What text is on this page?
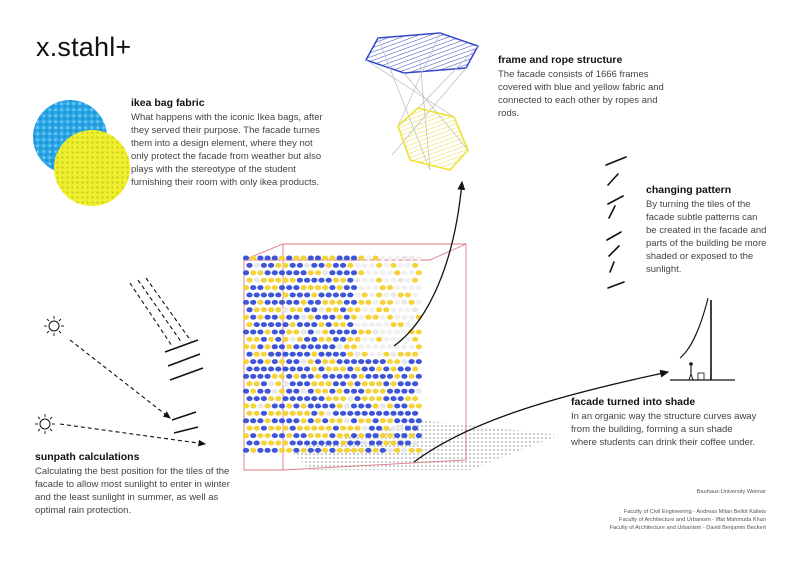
x.stahl+
ikea bag fabric

What happens with the iconic Ikea bags, after they served their purpose. The facade turnes them into a design element, where they not only protect the facade from weather but also plays with the stereotype of the student furnishing their room with only ikea products.

frame and rope structure

The facade consists of 1666 frames covered with blue and yellow fabric and connected to each other by ropes and rods.

changing pattern

By turning the tiles of the facade subtle patterns can be created in the facade and parts of the building be more shaded or exposed to the sunlight.

facade turned into shade

In an organic way the structure curves away from the building, forming a sun shade where students can drink their coffee under.

sunpath calculations

Calculating the best position for the tiles of the facade to allow most sunlight to enter in winter and the least sunlight in summer, as well as optimal rain protection.

Bauhaus-University Weimar
Faculty of Civil Engineering - Andreas Milan Bellot Kalteis
Faculty of Architecture and Urbanism - Iffat Mahmuda Khan
Faculty of Architecture and Urbanism - David Benjamin Beckert
